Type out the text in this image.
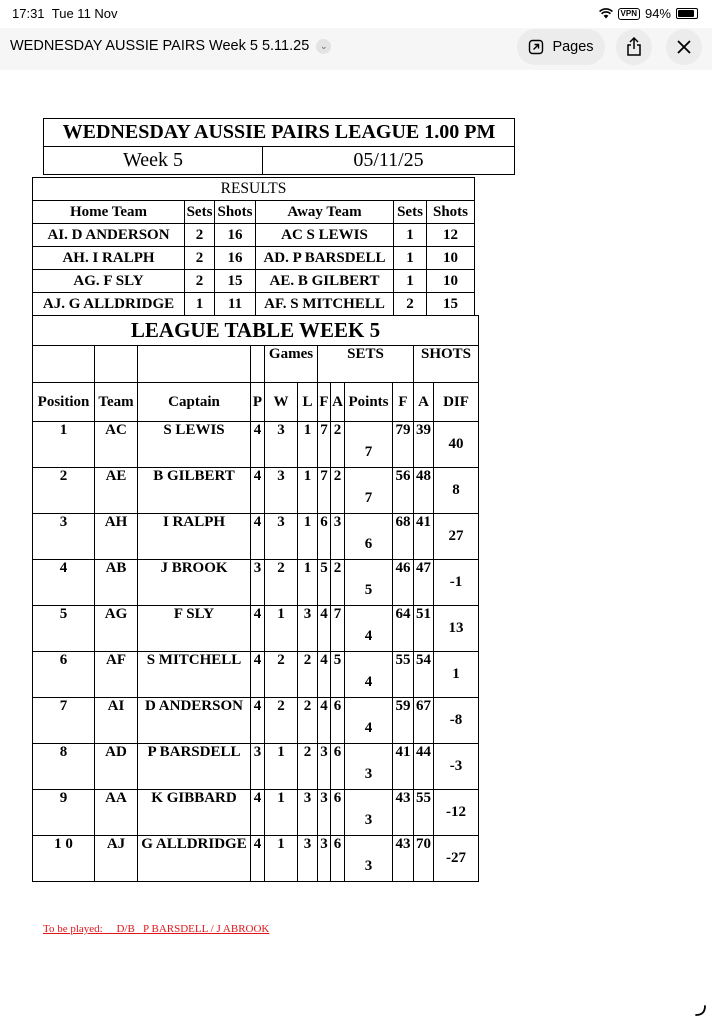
17:31 Tue 11 Nov	VPN 94%
WEDNESDAY AUSSIE PAIRS Week 5 5.11.25	⌄	Pages
WEDNESDAY AUSSIE PAIRS LEAGUE 1.00 PM
Week 5	05/11/25
RESULTS					
Home Team	Sets	Shots	Away Team	Sets	Shots
AI. D ANDERSON	2	16	AC S LEWIS	1	12
AH. I RALPH	2	16	AD. P BARSDELL	1	10
AG. F SLY	2	15	AE. B GILBERT	1	10
AJ. G ALLDRIDGE	1	11	AF. S MITCHELL	2	15
LEAGUE TABLE WEEK 5											
				Games		SETS				SHOTS	
Position	Team	Captain	P	W	L	F	A	Points	F	A	DIF
1	AC	S LEWIS	4	3	1	7	2	7	79	39	40
2	AE	B GILBERT	4	3	1	7	2	7	56	48	8
3	AH	I RALPH	4	3	1	6	3	6	68	41	27
4	AB	J BROOK	3	2	1	5	2	5	46	47	-1
5	AG	F SLY	4	1	3	4	7	4	64	51	13
6	AF	S MITCHELL	4	2	2	4	5	4	55	54	1
7	AI	D ANDERSON	4	2	2	4	6	4	59	67	-8
8	AD	P BARSDELL	3	1	2	3	6	3	41	44	-3
9	AA	K GIBBARD	4	1	3	3	6	3	43	55	-12
1 0	AJ	G ALLDRIDGE	4	1	3	3	6	3	43	70	-27
To be played:     D/B   P BARSDELL / J ABROOK
